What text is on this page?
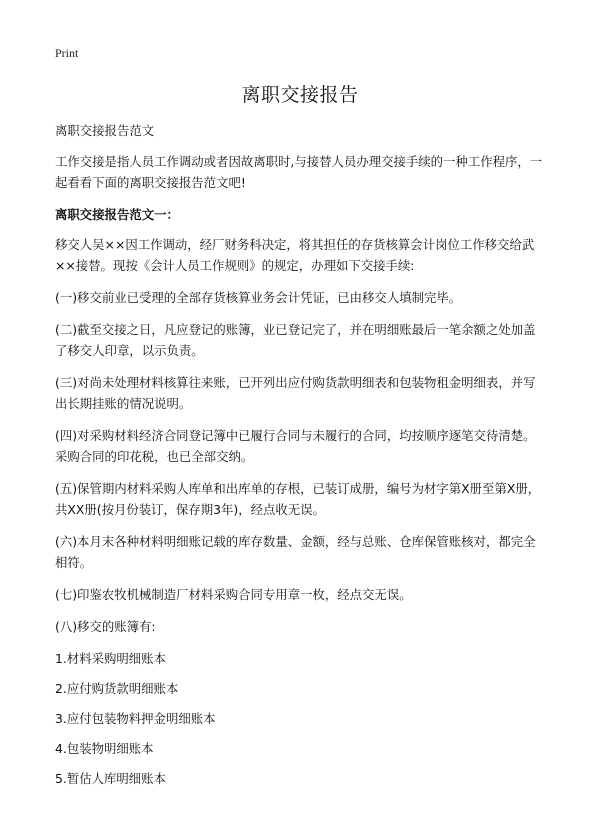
Print
离职交接报告

离职交接报告范文

工作交接是指人员工作调动或者因故离职时,与接替人员办理交接手续的一种工作程序，一起看看下面的离职交接报告范文吧!

离职交接报告范文一：

移交人吴××因工作调动，经厂财务科决定，将其担任的存货核算会计岗位工作移交给武××接替。现按《会计人员工作规则》的规定，办理如下交接手续:

(一)移交前业已受理的全部存货核算业务会计凭证，已由移交人填制完毕。

(二)截至交接之日，凡应登记的账簿，业已登记完了，并在明细账最后一笔余额之处加盖了移交人印章，以示负责。

(三)对尚未处理材料核算往来账，已开列出应付购货款明细表和包装物租金明细表，并写出长期挂账的情况说明。

(四)对采购材料经济合同登记簿中已履行合同与未履行的合同，均按顺序逐笔交待清楚。采购合同的印花税，也已全部交纳。

(五)保管期内材料采购人库单和出库单的存根，已装订成册，编号为材字第X册至第X册，共XX册(按月份装订，保存期3年)，经点收无误。

(六)本月末各种材料明细账记载的库存数量、金额，经与总账、仓库保管账核对，都完全相符。

(七)印鉴农牧机械制造厂材料采购合同专用章一枚，经点交无误。

(八)移交的账簿有:

1.材料采购明细账本

2.应付购货款明细账本

3.应付包装物料押金明细账本

4.包装物明细账本

5.暂估人库明细账本
